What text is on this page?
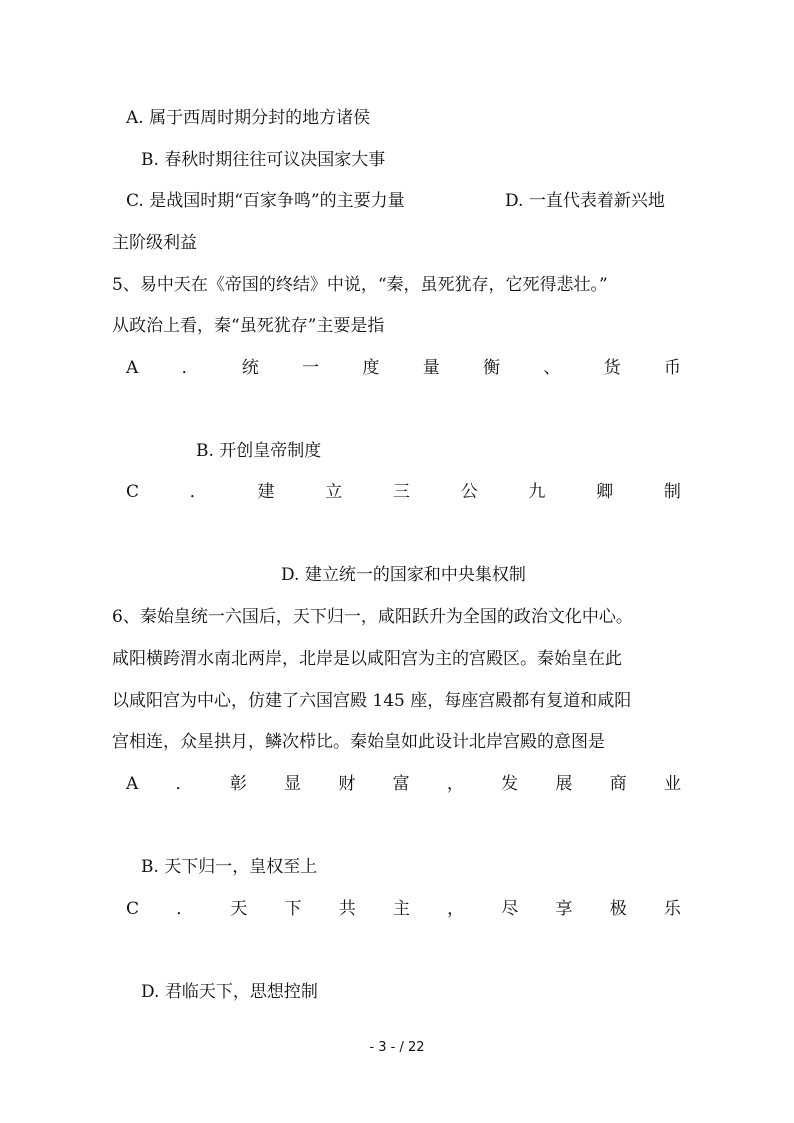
A. 属于西周时期分封的地方诸侯
B. 春秋时期往往可议决国家大事
C. 是战国时期“百家争鸣”的主要力量	D. 一直代表着新兴地
主阶级利益
5、易中天在《帝国的终结》中说，“秦，虽死犹存，它死得悲壮。”
从政治上看，秦“虽死犹存”主要是指
A	．	统	一	度	量	衡	、	货	币
B. 开创皇帝制度
C	．	建	立	三	公	九	卿	制
D. 建立统一的国家和中央集权制
6、秦始皇统一六国后，天下归一，咸阳跃升为全国的政治文化中心。
咸阳横跨渭水南北两岸，北岸是以咸阳宫为主的宫殿区。秦始皇在此
以咸阳宫为中心，仿建了六国宫殿 145 座，每座宫殿都有复道和咸阳
宫相连，众星拱月，鳞次栉比。秦始皇如此设计北岸宫殿的意图是
A ． 彰 显 财 富 ， 发 展 商 业
B. 天下归一，皇权至上
C ． 天 下 共 主 ， 尽 享 极 乐
D. 君临天下，思想控制
- 3 - / 22
